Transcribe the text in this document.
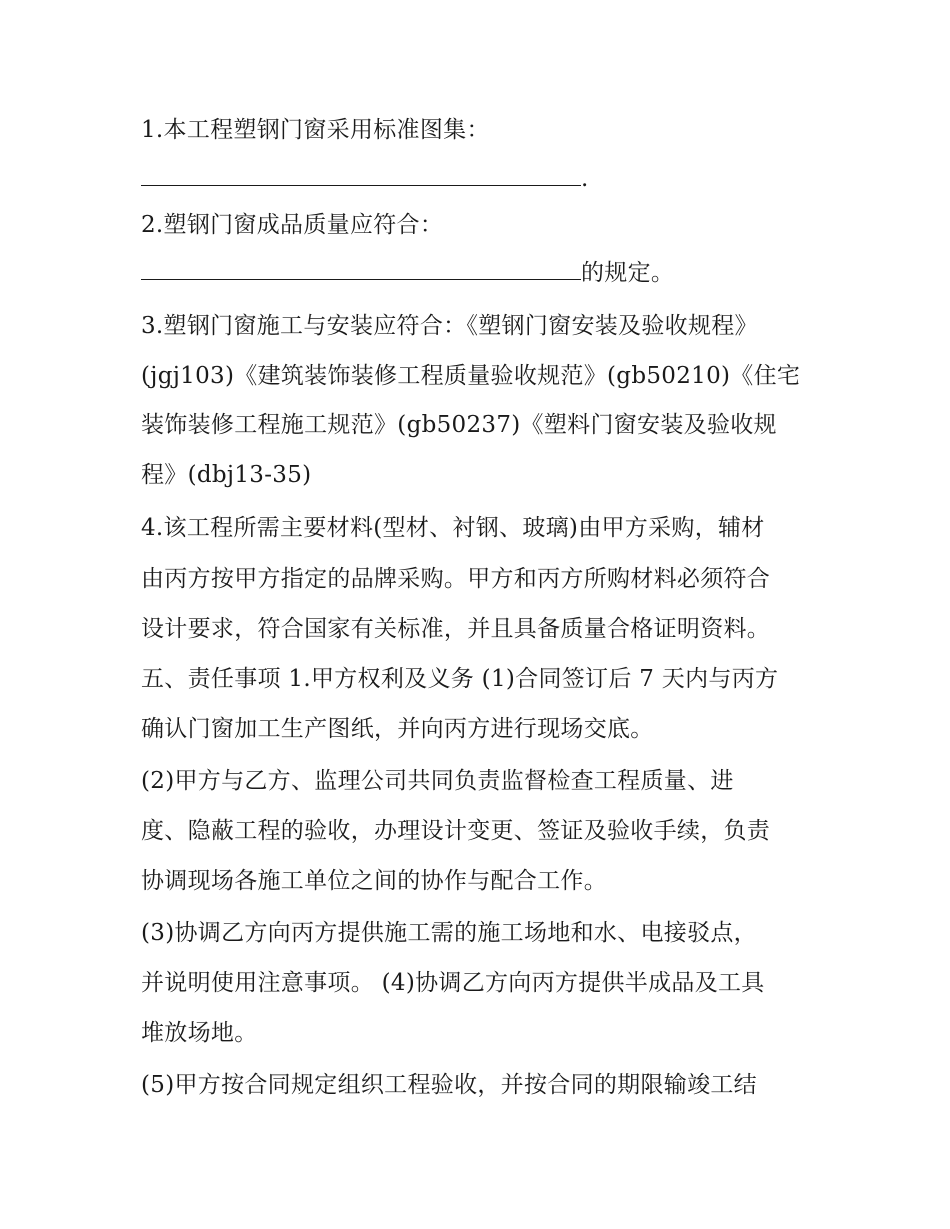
1.本工程塑钢门窗采用标准图集：
.
2.塑钢门窗成品质量应符合：
的规定。
3.塑钢门窗施工与安装应符合：《塑钢门窗安装及验收规程》
(jgj103)《建筑装饰装修工程质量验收规范》(gb50210)《住宅
装饰装修工程施工规范》(gb50237)《塑料门窗安装及验收规
程》(dbj13-35)
4.该工程所需主要材料(型材、衬钢、玻璃)由甲方采购，辅材
由丙方按甲方指定的品牌采购。甲方和丙方所购材料必须符合
设计要求，符合国家有关标准，并且具备质量合格证明资料。
五、责任事项 1.甲方权利及义务 (1)合同签订后 7 天内与丙方
确认门窗加工生产图纸，并向丙方进行现场交底。
(2)甲方与乙方、监理公司共同负责监督检查工程质量、进
度、隐蔽工程的验收，办理设计变更、签证及验收手续，负责
协调现场各施工单位之间的协作与配合工作。
(3)协调乙方向丙方提供施工需的施工场地和水、电接驳点，
并说明使用注意事项。 (4)协调乙方向丙方提供半成品及工具
堆放场地。
(5)甲方按合同规定组织工程验收，并按合同的期限输竣工结
